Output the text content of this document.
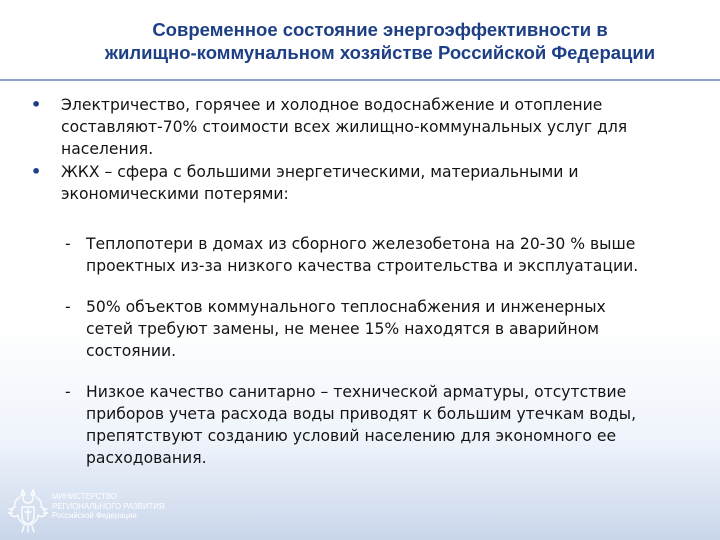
Современное состояние энергоэффективности в
жилищно-коммунальном хозяйстве Российской Федерации
• Электричество, горячее и холодное водоснабжение и отопление
составляют-70% стоимости всех жилищно-коммунальных услуг для
населения.
• ЖКХ – сфера с большими энергетическими, материальными и
экономическими потерями:
- Теплопотери в домах из сборного железобетона на 20-30 % выше
проектных из-за низкого качества строительства и эксплуатации.
- 50% объектов коммунального теплоснабжения и инженерных
сетей требуют замены, не менее 15% находятся в аварийном
состоянии.
- Низкое качество санитарно – технической арматуры, отсутствие
приборов учета расхода воды приводят к большим утечкам воды,
препятствуют созданию условий населению для экономного ее
расходования.
МИНИСТЕРСТВО
РЕГИОНАЛЬНОГО РАЗВИТИЯ
Российской Федерации
